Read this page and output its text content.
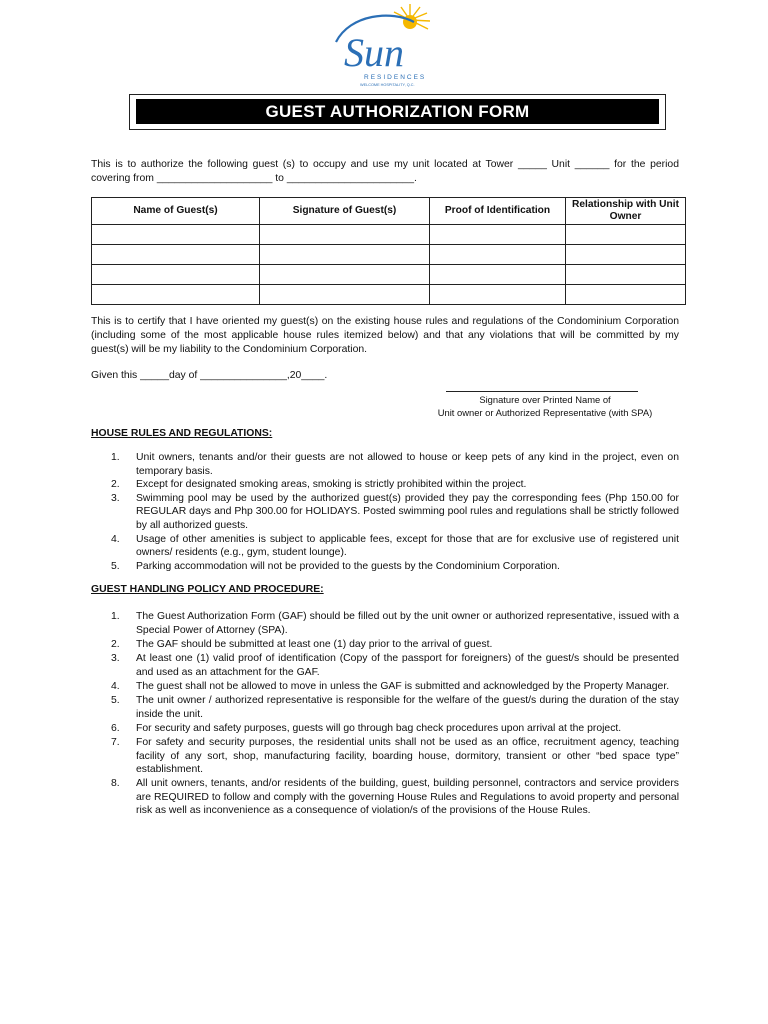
Sun
RESIDENCES
WELCOME HOSPITALITY, Q.C.
GUEST AUTHORIZATION FORM
This is to authorize the following guest (s) to occupy and use my unit located at Tower _____ Unit ______ for the period covering from ____________________ to ______________________.
Name of Guest(s)	Signature of Guest(s)	Proof of Identification	Relationship with Unit Owner

This is to certify that I have oriented my guest(s) on the existing house rules and regulations of the Condominium Corporation (including some of the most applicable house rules itemized below) and that any violations that will be committed by my guest(s) will be my liability to the Condominium Corporation.
Given this _____day of _______________,20____.
Signature over Printed Name of
Unit owner or Authorized Representative (with SPA)
HOUSE RULES AND REGULATIONS:
1. Unit owners, tenants and/or their guests are not allowed to house or keep pets of any kind in the project, even on temporary basis.
2. Except for designated smoking areas, smoking is strictly prohibited within the project.
3. Swimming pool may be used by the authorized guest(s) provided they pay the corresponding fees (Php 150.00 for REGULAR days and Php 300.00 for HOLIDAYS. Posted swimming pool rules and regulations shall be strictly followed by all authorized guests.
4. Usage of other amenities is subject to applicable fees, except for those that are for exclusive use of registered unit owners/ residents (e.g., gym, student lounge).
5. Parking accommodation will not be provided to the guests by the Condominium Corporation.
GUEST HANDLING POLICY AND PROCEDURE:
1. The Guest Authorization Form (GAF) should be filled out by the unit owner or authorized representative, issued with a Special Power of Attorney (SPA).
2. The GAF should be submitted at least one (1) day prior to the arrival of guest.
3. At least one (1) valid proof of identification (Copy of the passport for foreigners) of the guest/s should be presented and used as an attachment for the GAF.
4. The guest shall not be allowed to move in unless the GAF is submitted and acknowledged by the Property Manager.
5. The unit owner / authorized representative is responsible for the welfare of the guest/s during the duration of the stay inside the unit.
6. For security and safety purposes, guests will go through bag check procedures upon arrival at the project.
7. For safety and security purposes, the residential units shall not be used as an office, recruitment agency, teaching facility of any sort, shop, manufacturing facility, boarding house, dormitory, transient or other “bed space type” establishment.
8. All unit owners, tenants, and/or residents of the building, guest, building personnel, contractors and service providers are REQUIRED to follow and comply with the governing House Rules and Regulations to avoid property and personal risk as well as inconvenience as a consequence of violation/s of the provisions of the House Rules.
